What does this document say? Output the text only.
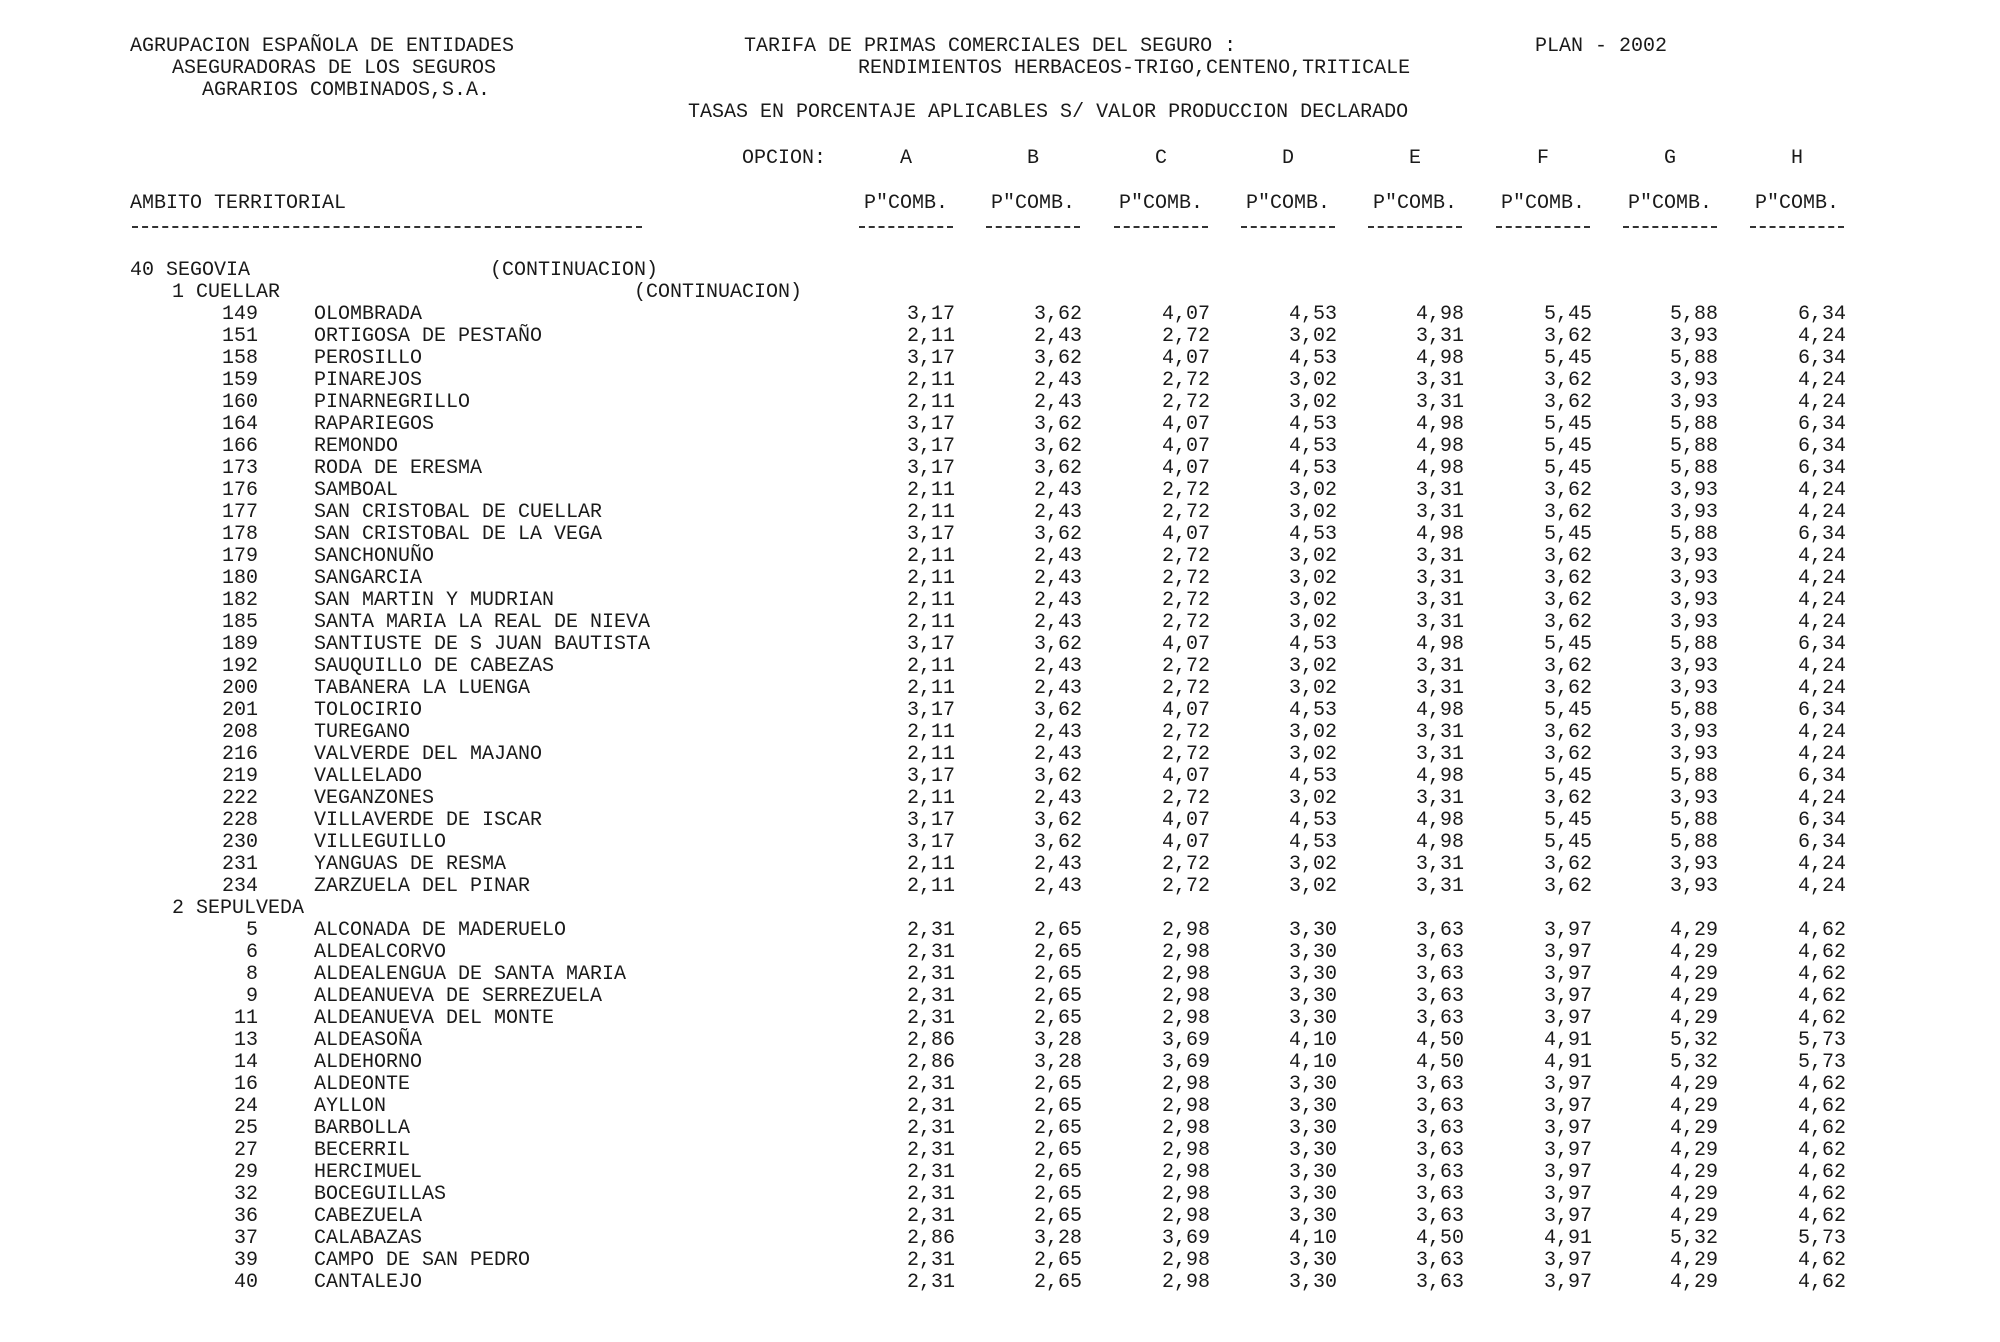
AGRUPACION ESPAÑOLA DE ENTIDADES
ASEGURADORAS DE LOS SEGUROS
AGRARIOS COMBINADOS,S.A.
TARIFA DE PRIMAS COMERCIALES DEL SEGURO :	PLAN - 2002
RENDIMIENTOS HERBACEOS-TRIGO,CENTENO,TRITICALE
TASAS EN PORCENTAJE APLICABLES S/ VALOR PRODUCCION DECLARADO
OPCION:	A	B	C	D	E	F	G	H
AMBITO TERRITORIAL	P"COMB.	P"COMB.	P"COMB.	P"COMB.	P"COMB.	P"COMB.	P"COMB.	P"COMB.
40 SEGOVIA	(CONTINUACION)
1 CUELLAR	(CONTINUACION)
149	OLOMBRADA	3,17	3,62	4,07	4,53	4,98	5,45	5,88	6,34
151	ORTIGOSA DE PESTAÑO	2,11	2,43	2,72	3,02	3,31	3,62	3,93	4,24
158	PEROSILLO	3,17	3,62	4,07	4,53	4,98	5,45	5,88	6,34
159	PINAREJOS	2,11	2,43	2,72	3,02	3,31	3,62	3,93	4,24
160	PINARNEGRILLO	2,11	2,43	2,72	3,02	3,31	3,62	3,93	4,24
164	RAPARIEGOS	3,17	3,62	4,07	4,53	4,98	5,45	5,88	6,34
166	REMONDO	3,17	3,62	4,07	4,53	4,98	5,45	5,88	6,34
173	RODA DE ERESMA	3,17	3,62	4,07	4,53	4,98	5,45	5,88	6,34
176	SAMBOAL	2,11	2,43	2,72	3,02	3,31	3,62	3,93	4,24
177	SAN CRISTOBAL DE CUELLAR	2,11	2,43	2,72	3,02	3,31	3,62	3,93	4,24
178	SAN CRISTOBAL DE LA VEGA	3,17	3,62	4,07	4,53	4,98	5,45	5,88	6,34
179	SANCHONUÑO	2,11	2,43	2,72	3,02	3,31	3,62	3,93	4,24
180	SANGARCIA	2,11	2,43	2,72	3,02	3,31	3,62	3,93	4,24
182	SAN MARTIN Y MUDRIAN	2,11	2,43	2,72	3,02	3,31	3,62	3,93	4,24
185	SANTA MARIA LA REAL DE NIEVA	2,11	2,43	2,72	3,02	3,31	3,62	3,93	4,24
189	SANTIUSTE DE S JUAN BAUTISTA	3,17	3,62	4,07	4,53	4,98	5,45	5,88	6,34
192	SAUQUILLO DE CABEZAS	2,11	2,43	2,72	3,02	3,31	3,62	3,93	4,24
200	TABANERA LA LUENGA	2,11	2,43	2,72	3,02	3,31	3,62	3,93	4,24
201	TOLOCIRIO	3,17	3,62	4,07	4,53	4,98	5,45	5,88	6,34
208	TUREGANO	2,11	2,43	2,72	3,02	3,31	3,62	3,93	4,24
216	VALVERDE DEL MAJANO	2,11	2,43	2,72	3,02	3,31	3,62	3,93	4,24
219	VALLELADO	3,17	3,62	4,07	4,53	4,98	5,45	5,88	6,34
222	VEGANZONES	2,11	2,43	2,72	3,02	3,31	3,62	3,93	4,24
228	VILLAVERDE DE ISCAR	3,17	3,62	4,07	4,53	4,98	5,45	5,88	6,34
230	VILLEGUILLO	3,17	3,62	4,07	4,53	4,98	5,45	5,88	6,34
231	YANGUAS DE RESMA	2,11	2,43	2,72	3,02	3,31	3,62	3,93	4,24
234	ZARZUELA DEL PINAR	2,11	2,43	2,72	3,02	3,31	3,62	3,93	4,24
2 SEPULVEDA
5	ALCONADA DE MADERUELO	2,31	2,65	2,98	3,30	3,63	3,97	4,29	4,62
6	ALDEALCORVO	2,31	2,65	2,98	3,30	3,63	3,97	4,29	4,62
8	ALDEALENGUA DE SANTA MARIA	2,31	2,65	2,98	3,30	3,63	3,97	4,29	4,62
9	ALDEANUEVA DE SERREZUELA	2,31	2,65	2,98	3,30	3,63	3,97	4,29	4,62
11	ALDEANUEVA DEL MONTE	2,31	2,65	2,98	3,30	3,63	3,97	4,29	4,62
13	ALDEASOÑA	2,86	3,28	3,69	4,10	4,50	4,91	5,32	5,73
14	ALDEHORNO	2,86	3,28	3,69	4,10	4,50	4,91	5,32	5,73
16	ALDEONTE	2,31	2,65	2,98	3,30	3,63	3,97	4,29	4,62
24	AYLLON	2,31	2,65	2,98	3,30	3,63	3,97	4,29	4,62
25	BARBOLLA	2,31	2,65	2,98	3,30	3,63	3,97	4,29	4,62
27	BECERRIL	2,31	2,65	2,98	3,30	3,63	3,97	4,29	4,62
29	HERCIMUEL	2,31	2,65	2,98	3,30	3,63	3,97	4,29	4,62
32	BOCEGUILLAS	2,31	2,65	2,98	3,30	3,63	3,97	4,29	4,62
36	CABEZUELA	2,31	2,65	2,98	3,30	3,63	3,97	4,29	4,62
37	CALABAZAS	2,86	3,28	3,69	4,10	4,50	4,91	5,32	5,73
39	CAMPO DE SAN PEDRO	2,31	2,65	2,98	3,30	3,63	3,97	4,29	4,62
40	CANTALEJO	2,31	2,65	2,98	3,30	3,63	3,97	4,29	4,62
